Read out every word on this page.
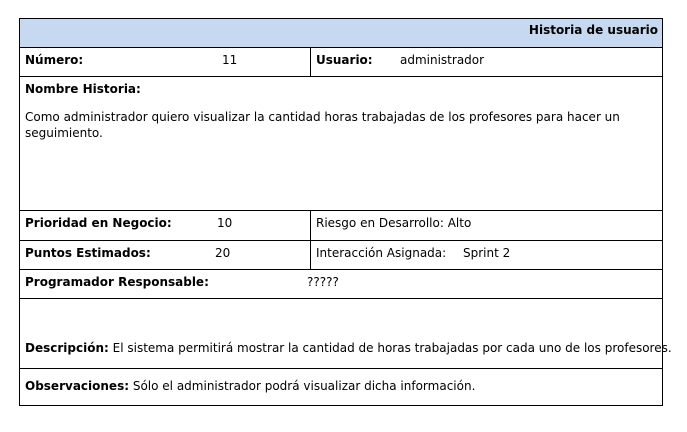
Historia de usuario
Número:	11	Usuario: administrador
Nombre Historia:
Como administrador quiero visualizar la cantidad horas trabajadas de los profesores para hacer un seguimiento.
Prioridad en Negocio:	10	Riesgo en Desarrollo: Alto
Puntos Estimados:	20	Interacción Asignada: Sprint 2
Programador Responsable:	?????
Descripción: El sistema permitirá mostrar la cantidad de horas trabajadas por cada uno de los profesores.
Observaciones: Sólo el administrador podrá visualizar dicha información.
